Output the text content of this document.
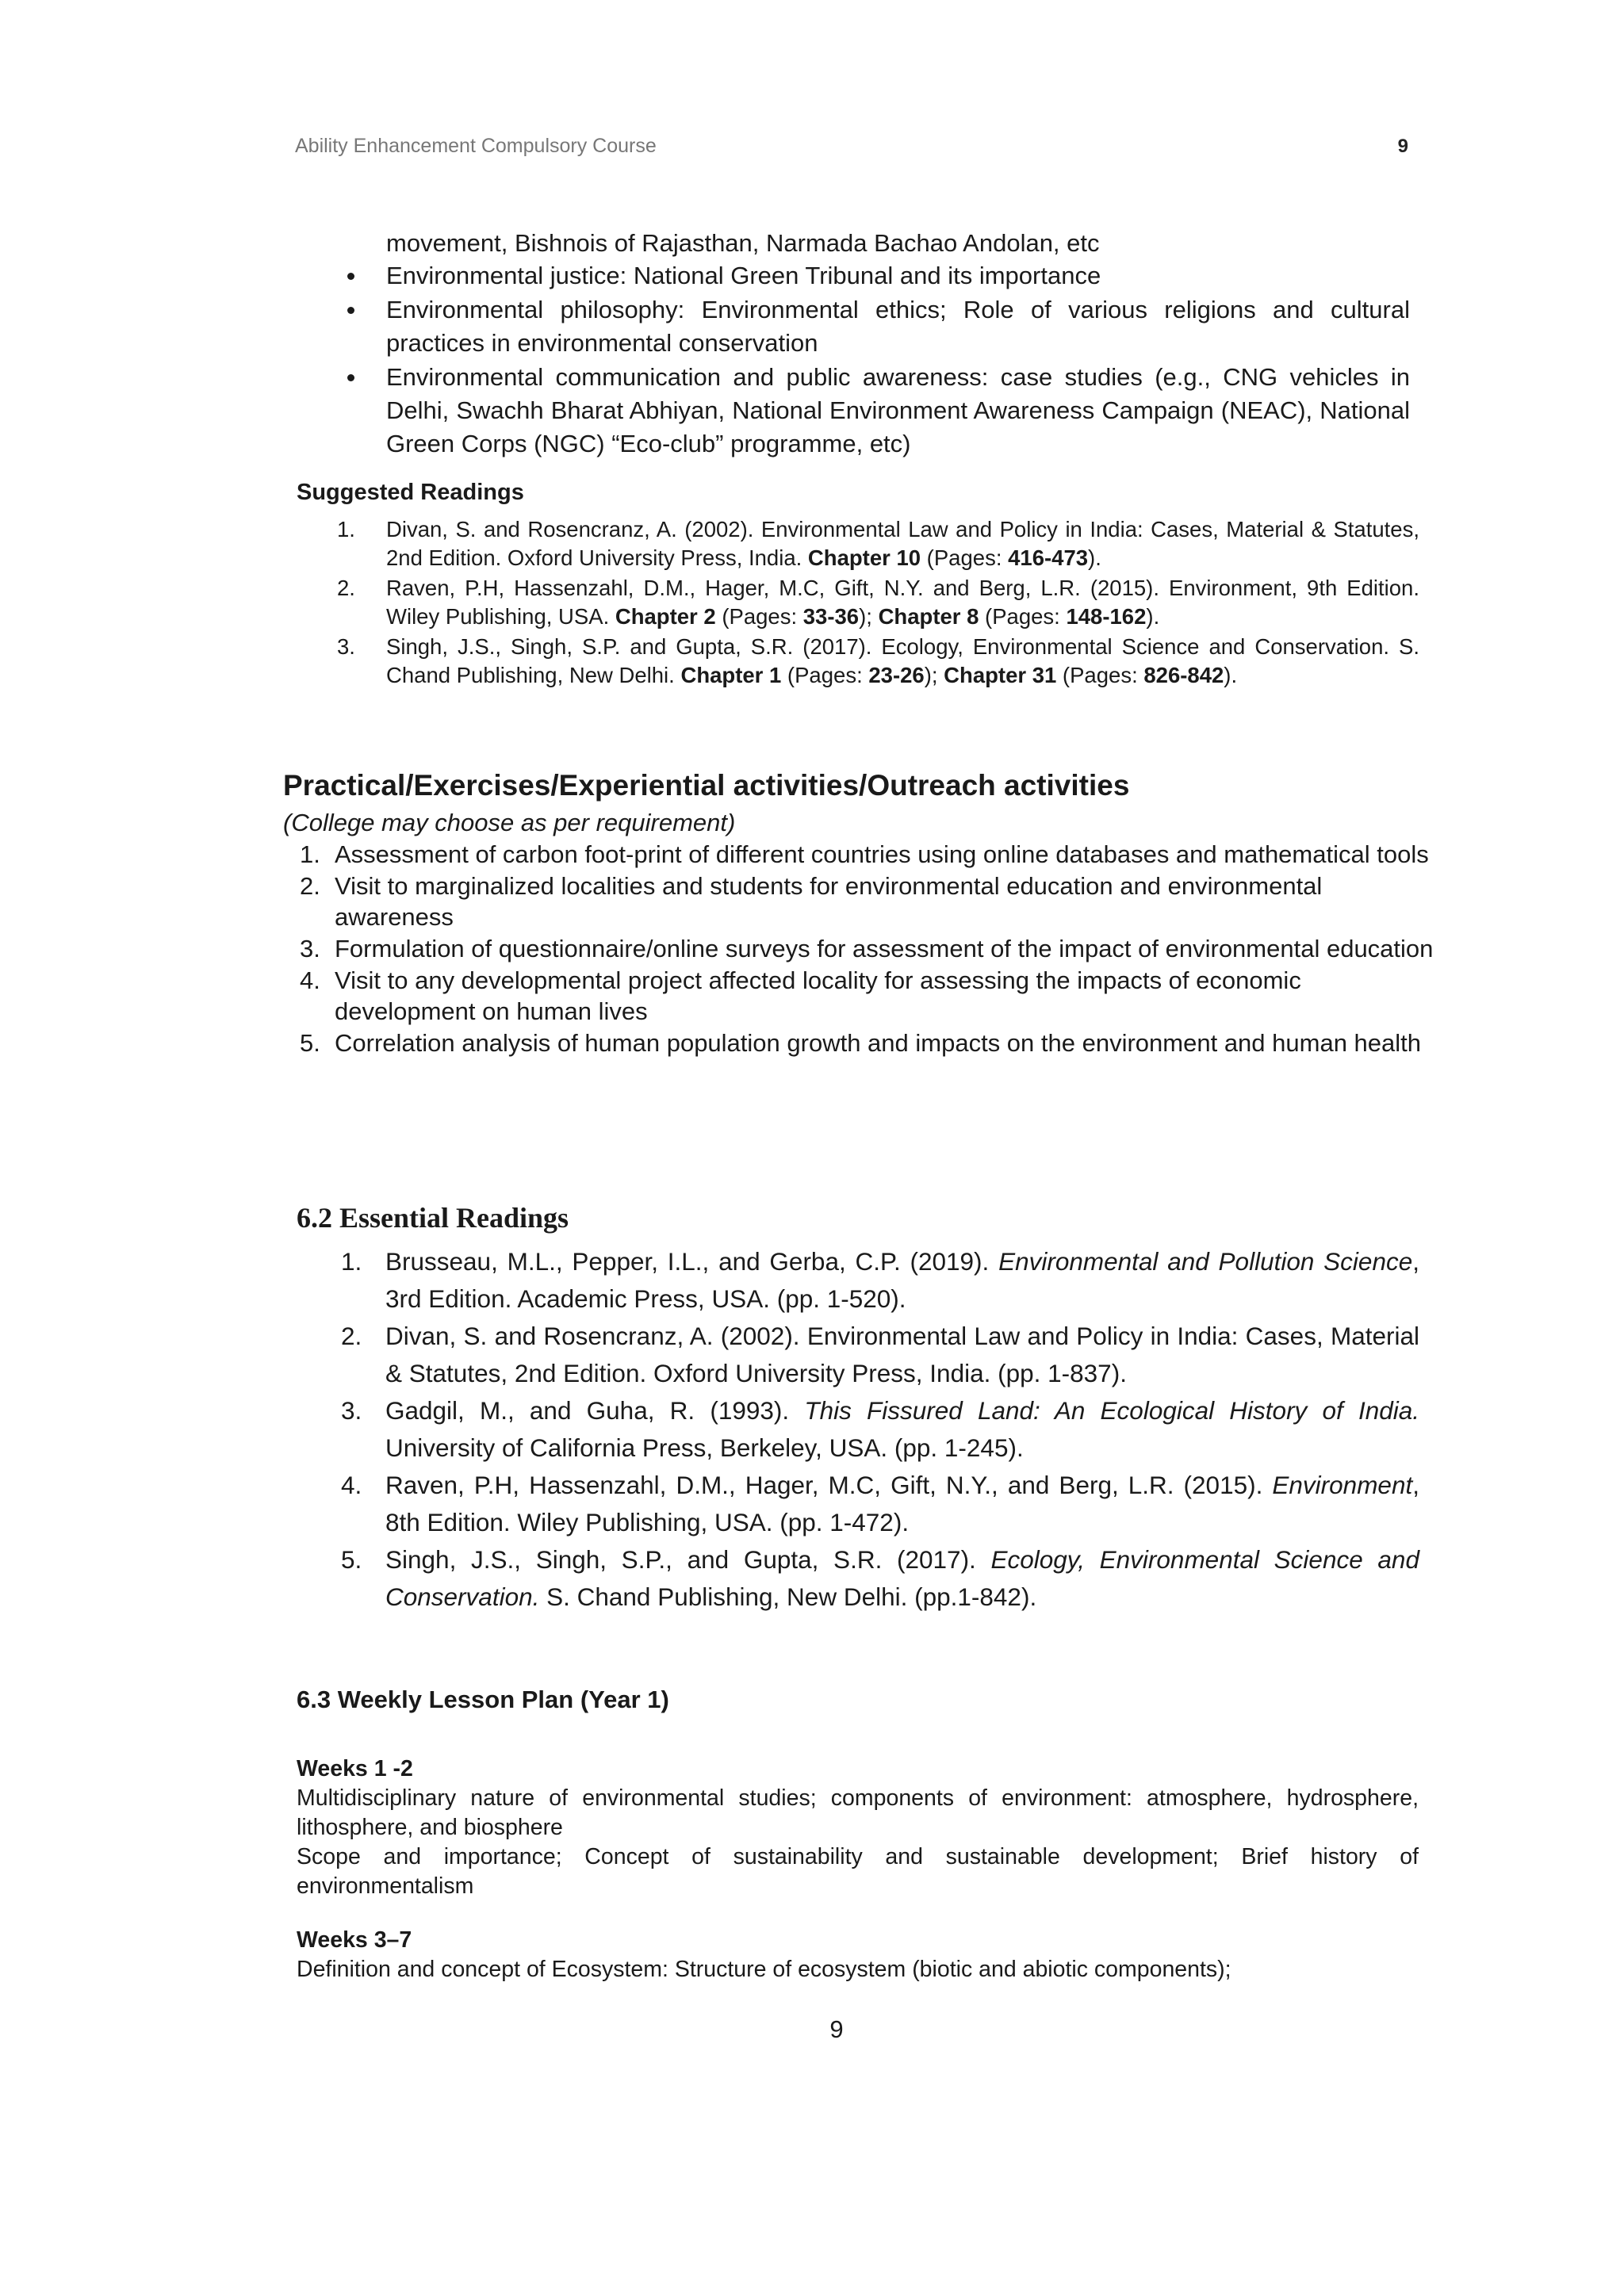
Ability Enhancement Compulsory Course	9
movement, Bishnois of Rajasthan, Narmada Bachao Andolan, etc
Environmental justice: National Green Tribunal and its importance
Environmental philosophy: Environmental ethics; Role of various religions and cultural practices in environmental conservation
Environmental communication and public awareness: case studies (e.g., CNG vehicles in Delhi, Swachh Bharat Abhiyan, National Environment Awareness Campaign (NEAC), National Green Corps (NGC) “Eco-club” programme, etc)
Suggested Readings
1. Divan, S. and Rosencranz, A. (2002). Environmental Law and Policy in India: Cases, Material & Statutes, 2nd Edition. Oxford University Press, India. Chapter 10 (Pages: 416-473).
2. Raven, P.H, Hassenzahl, D.M., Hager, M.C, Gift, N.Y. and Berg, L.R. (2015). Environment, 9th Edition. Wiley Publishing, USA. Chapter 2 (Pages: 33-36); Chapter 8 (Pages: 148-162).
3. Singh, J.S., Singh, S.P. and Gupta, S.R. (2017). Ecology, Environmental Science and Conservation. S. Chand Publishing, New Delhi. Chapter 1 (Pages: 23-26); Chapter 31 (Pages: 826-842).
Practical/Exercises/Experiential activities/Outreach activities
(College may choose as per requirement)
1. Assessment of carbon foot-print of different countries using online databases and mathematical tools
2. Visit to marginalized localities and students for environmental education and environmental awareness
3. Formulation of questionnaire/online surveys for assessment of the impact of environmental education
4. Visit to any developmental project affected locality for assessing the impacts of economic development on human lives
5. Correlation analysis of human population growth and impacts on the environment and human health
6.2 Essential Readings
1. Brusseau, M.L., Pepper, I.L., and Gerba, C.P. (2019). Environmental and Pollution Science, 3rd Edition. Academic Press, USA. (pp. 1-520).
2. Divan, S. and Rosencranz, A. (2002). Environmental Law and Policy in India: Cases, Material & Statutes, 2nd Edition. Oxford University Press, India. (pp. 1-837).
3. Gadgil, M., and Guha, R. (1993). This Fissured Land: An Ecological History of India. University of California Press, Berkeley, USA. (pp. 1-245).
4. Raven, P.H, Hassenzahl, D.M., Hager, M.C, Gift, N.Y., and Berg, L.R. (2015). Environment, 8th Edition. Wiley Publishing, USA. (pp. 1-472).
5. Singh, J.S., Singh, S.P., and Gupta, S.R. (2017). Ecology, Environmental Science and Conservation. S. Chand Publishing, New Delhi. (pp.1-842).
6.3 Weekly Lesson Plan (Year 1)
Weeks 1 -2
Multidisciplinary nature of environmental studies; components of environment: atmosphere, hydrosphere, lithosphere, and biosphere
Scope and importance; Concept of sustainability and sustainable development; Brief history of environmentalism
Weeks 3–7
Definition and concept of Ecosystem: Structure of ecosystem (biotic and abiotic components);
9
